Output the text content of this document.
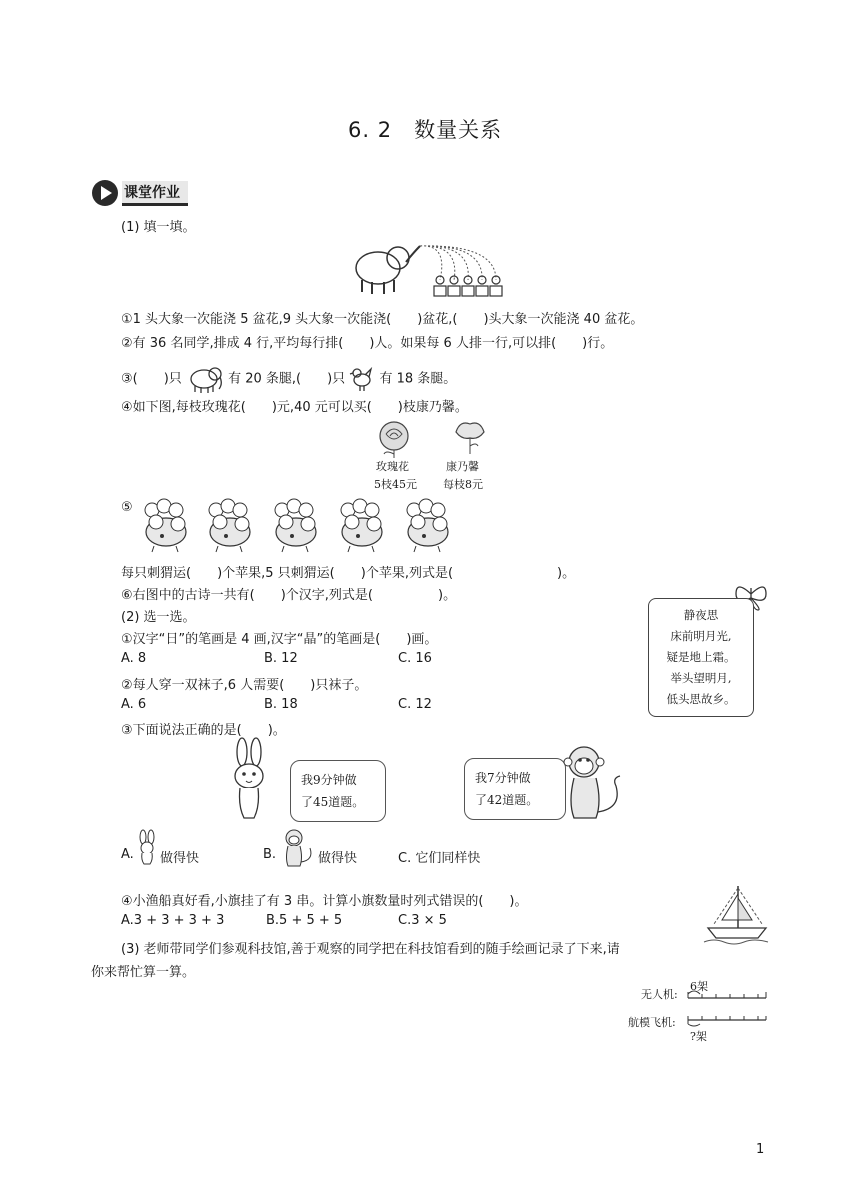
6. 2 数量关系
课堂作业
(1) 填一填。
①1 头大象一次能浇 5 盆花,9 头大象一次能浇(　　)盆花,(　　)头大象一次能浇 40 盆花。
②有 36 名同学,排成 4 行,平均每行排(　　)人。如果每 6 人排一行,可以排(　　)行。
③(　　)只	有 20 条腿,(　　)只	有 18 条腿。
④如下图,每枝玫瑰花(　　)元,40 元可以买(　　)枝康乃馨。
玫瑰花
5枝45元
康乃馨
每枝8元
⑤
每只刺猬运(　　)个苹果,5 只刺猬运(　　)个苹果,列式是(　　　　　　　　)。
⑥右图中的古诗一共有(　　)个汉字,列式是(　　　　　)。
静夜思
床前明月光,
疑是地上霜。
举头望明月,
低头思故乡。
(2) 选一选。
①汉字“日”的笔画是 4 画,汉字“晶”的笔画是(　　)画。
A. 8	B. 12	C. 16
②每人穿一双袜子,6 人需要(　　)只袜子。
A. 6	B. 18	C. 12
③下面说法正确的是(　　)。
我9分钟做
了45道题。
我7分钟做
了42道题。
A. 做得快	B.	做得快	C. 它们同样快
④小渔船真好看,小旗挂了有 3 串。计算小旗数量时列式错误的(　　)。
A.3 + 3 + 3 + 3	B.5 + 5 + 5	C.3 × 5
(3) 老师带同学们参观科技馆,善于观察的同学把在科技馆看到的随手绘画记录了下来,请
你来帮忙算一算。
无人机:
6架
航模飞机:
?架
1
